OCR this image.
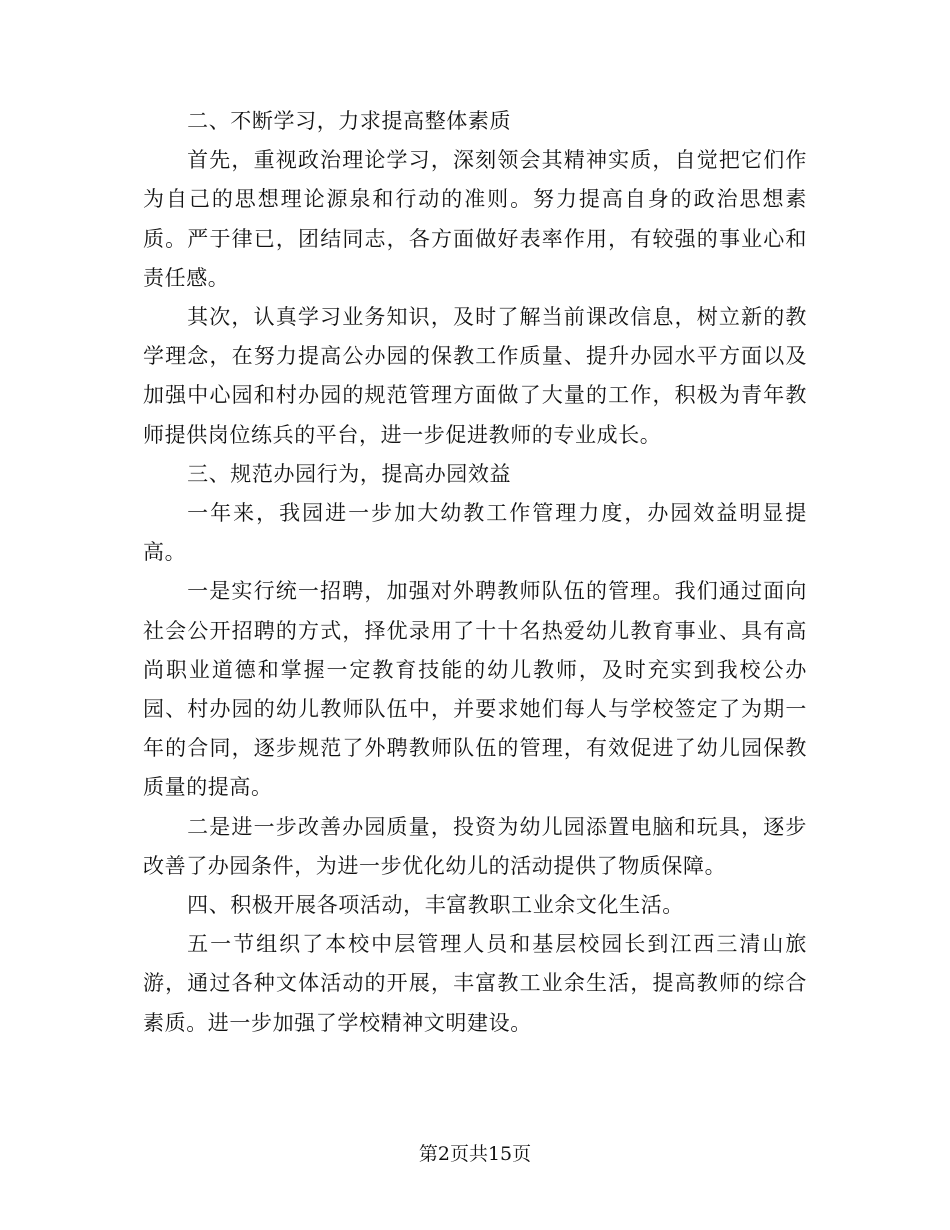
二、不断学习，力求提高整体素质

首先，重视政治理论学习，深刻领会其精神实质，自觉把它们作为自己的思想理论源泉和行动的准则。努力提高自身的政治思想素质。严于律已，团结同志，各方面做好表率作用，有较强的事业心和责任感。

其次，认真学习业务知识，及时了解当前课改信息，树立新的教学理念，在努力提高公办园的保教工作质量、提升办园水平方面以及加强中心园和村办园的规范管理方面做了大量的工作，积极为青年教师提供岗位练兵的平台，进一步促进教师的专业成长。

三、规范办园行为，提高办园效益

一年来，我园进一步加大幼教工作管理力度，办园效益明显提高。

一是实行统一招聘，加强对外聘教师队伍的管理。我们通过面向社会公开招聘的方式，择优录用了十十名热爱幼儿教育事业、具有高尚职业道德和掌握一定教育技能的幼儿教师，及时充实到我校公办园、村办园的幼儿教师队伍中，并要求她们每人与学校签定了为期一年的合同，逐步规范了外聘教师队伍的管理，有效促进了幼儿园保教质量的提高。

二是进一步改善办园质量，投资为幼儿园添置电脑和玩具，逐步改善了办园条件，为进一步优化幼儿的活动提供了物质保障。

四、积极开展各项活动，丰富教职工业余文化生活。

五一节组织了本校中层管理人员和基层校园长到江西三清山旅游，通过各种文体活动的开展，丰富教工业余生活，提高教师的综合素质。进一步加强了学校精神文明建设。

第2页共15页
